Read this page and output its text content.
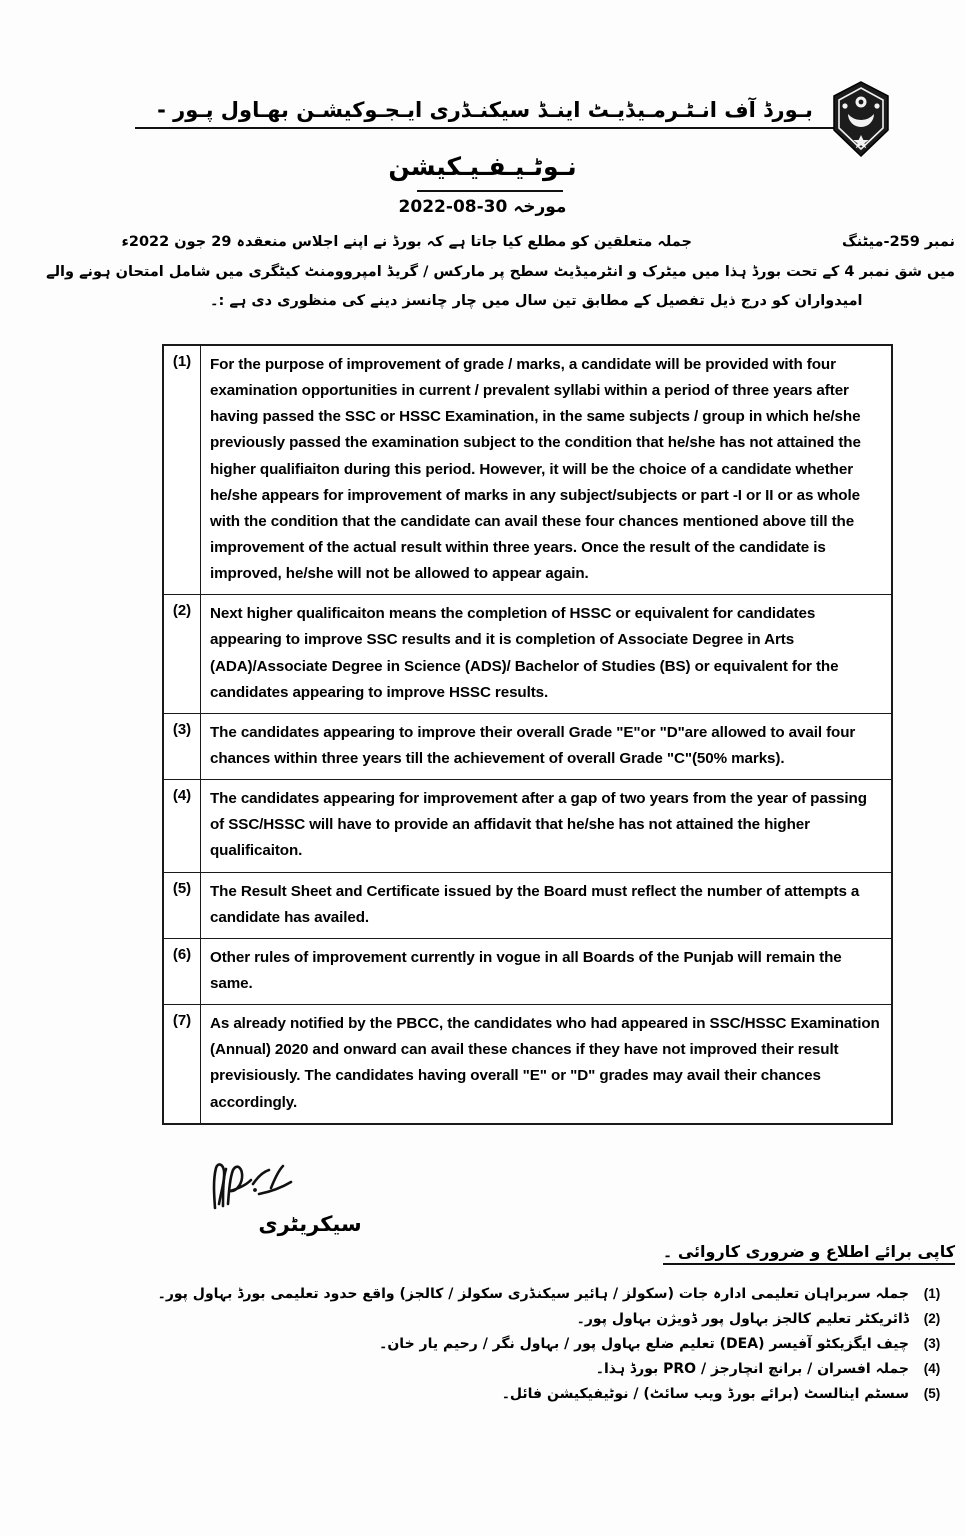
بـورڈ آف انـٹـرمـیڈیـٹ اینـڈ سیکنـڈری ایـجـوکیشـن بھـاول پـور -
نـوٹـیـفـیـکیشن
مورخہ 30-08-2022
نمبر 259-میٹنگ
جملہ متعلقین کو مطلع کیا جاتا ہے کہ بورڈ نے اپنے اجلاس منعقدہ 29 جون 2022ء
میں شق نمبر 4 کے تحت بورڈ ہذا میں میٹرک و انٹرمیڈیٹ سطح پر مارکس / گریڈ امپروومنٹ کیٹگری میں شامل امتحان ہونے والے
امیدواران کو درج ذیل تفصیل کے مطابق تین سال میں چار چانسز دینے کی منظوری دی ہے :۔
(1)	For the purpose of improvement of grade / marks, a candidate will be provided with four examination opportunities in current / prevalent syllabi within a period of three years after having passed the SSC or HSSC Examination, in the same subjects / group in which he/she previously passed the examination subject to the condition that he/she has not attained the higher qualifiaiton during this period. However, it will be the choice of a candidate whether he/she appears for improvement of marks in any subject/subjects or part -I or II or as whole with the condition that the candidate can avail these four chances mentioned above till the improvement of the actual result within three years. Once the result of the candidate is improved, he/she will not be allowed to appear again.
(2)	Next higher qualificaiton means the completion of HSSC or equivalent for candidates appearing to improve SSC results and it is completion of Associate Degree in Arts (ADA)/Associate Degree in Science (ADS)/ Bachelor of Studies (BS) or equivalent for the candidates appearing to improve HSSC results.
(3)	The candidates appearing to improve their overall Grade "E"or "D"are allowed to avail four chances within three years till the achievement of overall Grade "C"(50% marks).
(4)	The candidates appearing for improvement after a gap of two years from the year of passing of SSC/HSSC will have to provide an affidavit that he/she has not attained the higher qualificaiton.
(5)	The Result Sheet and Certificate issued by the Board must reflect the number of attempts a candidate has availed.
(6)	Other rules of improvement currently in vogue in all Boards of the Punjab will remain the same.
(7)	As already notified by the PBCC, the candidates who had appeared in SSC/HSSC Examination (Annual) 2020 and onward can avail these chances if they have not improved their result previsiously. The candidates having overall "E" or "D" grades may avail their chances accordingly.
سیکریٹری
کاپی برائے اطلاع و ضروری کاروائی ۔
(1)
جملہ سربراہان تعلیمی ادارہ جات (سکولز / ہائیر سیکنڈری سکولز / کالجز) واقع حدود تعلیمی بورڈ بہاول پور۔
(2)
ڈائریکٹر تعلیم کالجز بہاول پور ڈویژن بہاول پور۔
(3)
چیف ایگزیکٹو آفیسر (DEA) تعلیم ضلع بہاول پور / بہاول نگر / رحیم یار خان۔
(4)
جملہ افسران / برانچ انچارجز / PRO بورڈ ہذا۔
(5)
سسٹم اینالسٹ (برائے بورڈ ویب سائٹ) / نوٹیفیکیشن فائل۔
